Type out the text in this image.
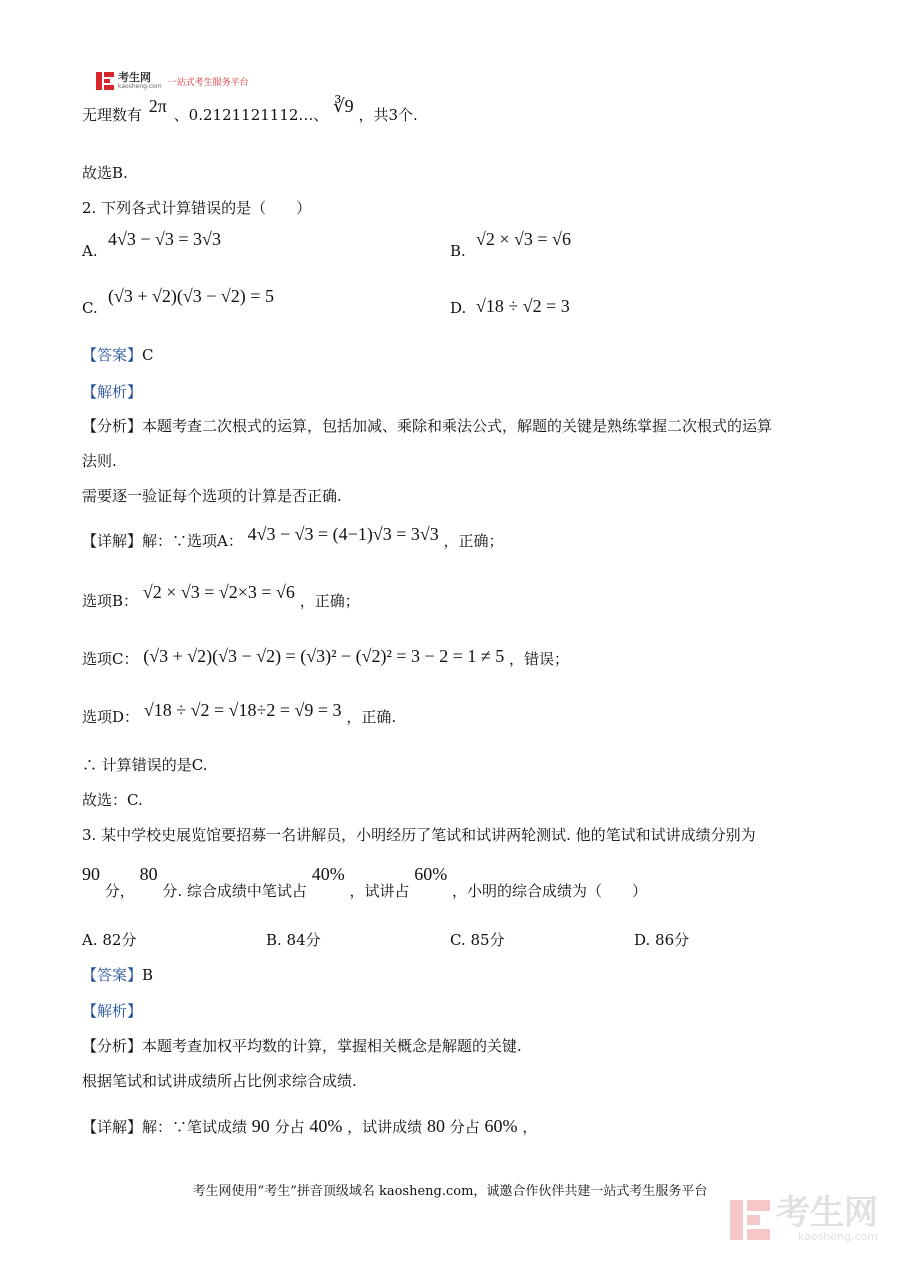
考生网
kaosheng.com 一站式考生服务平台
无理数有 2π 、0.2121121112…、 ∛9 ，共3个.
故选B.
2. 下列各式计算错误的是（　　）
A.
4√3 − √3 = 3√3
B.
√2 × √3 = √6
C.
(√3 + √2)(√3 − √2) = 5
D. √18 ÷ √2 = 3
【答案】C
【解析】
【分析】本题考查二次根式的运算，包括加减、乘除和乘法公式，解题的关键是熟练掌握二次根式的运算
法则.
需要逐一验证每个选项的计算是否正确.
【详解】解：∵选项A： 4√3 − √3 = (4−1)√3 = 3√3 ，正确；
选项B： √2 × √3 = √2×3 = √6 ，正确；
选项C： (√3 + √2)(√3 − √2) = (√3)² − (√2)² = 3 − 2 = 1 ≠ 5 ，错误；
选项D： √18 ÷ √2 = √18÷2 = √9 = 3 ，正确.
∴ 计算错误的是C.
故选：C.
3. 某中学校史展览馆要招募一名讲解员，小明经历了笔试和试讲两轮测试. 他的笔试和试讲成绩分别为
90 分， 80 分. 综合成绩中笔试占 40% ，试讲占 60% ，小明的综合成绩为（　　）
A. 82分	B. 84分	C. 85分	D. 86分
【答案】B
【解析】
【分析】本题考查加权平均数的计算，掌握相关概念是解题的关键.
根据笔试和试讲成绩所占比例求综合成绩.
【详解】解：∵笔试成绩 90 分占 40% ，试讲成绩 80 分占 60% ，
考生网使用“考生”拼音顶级域名 kaosheng.com，诚邀合作伙伴共建一站式考生服务平台
考生网
kaosheng.com
